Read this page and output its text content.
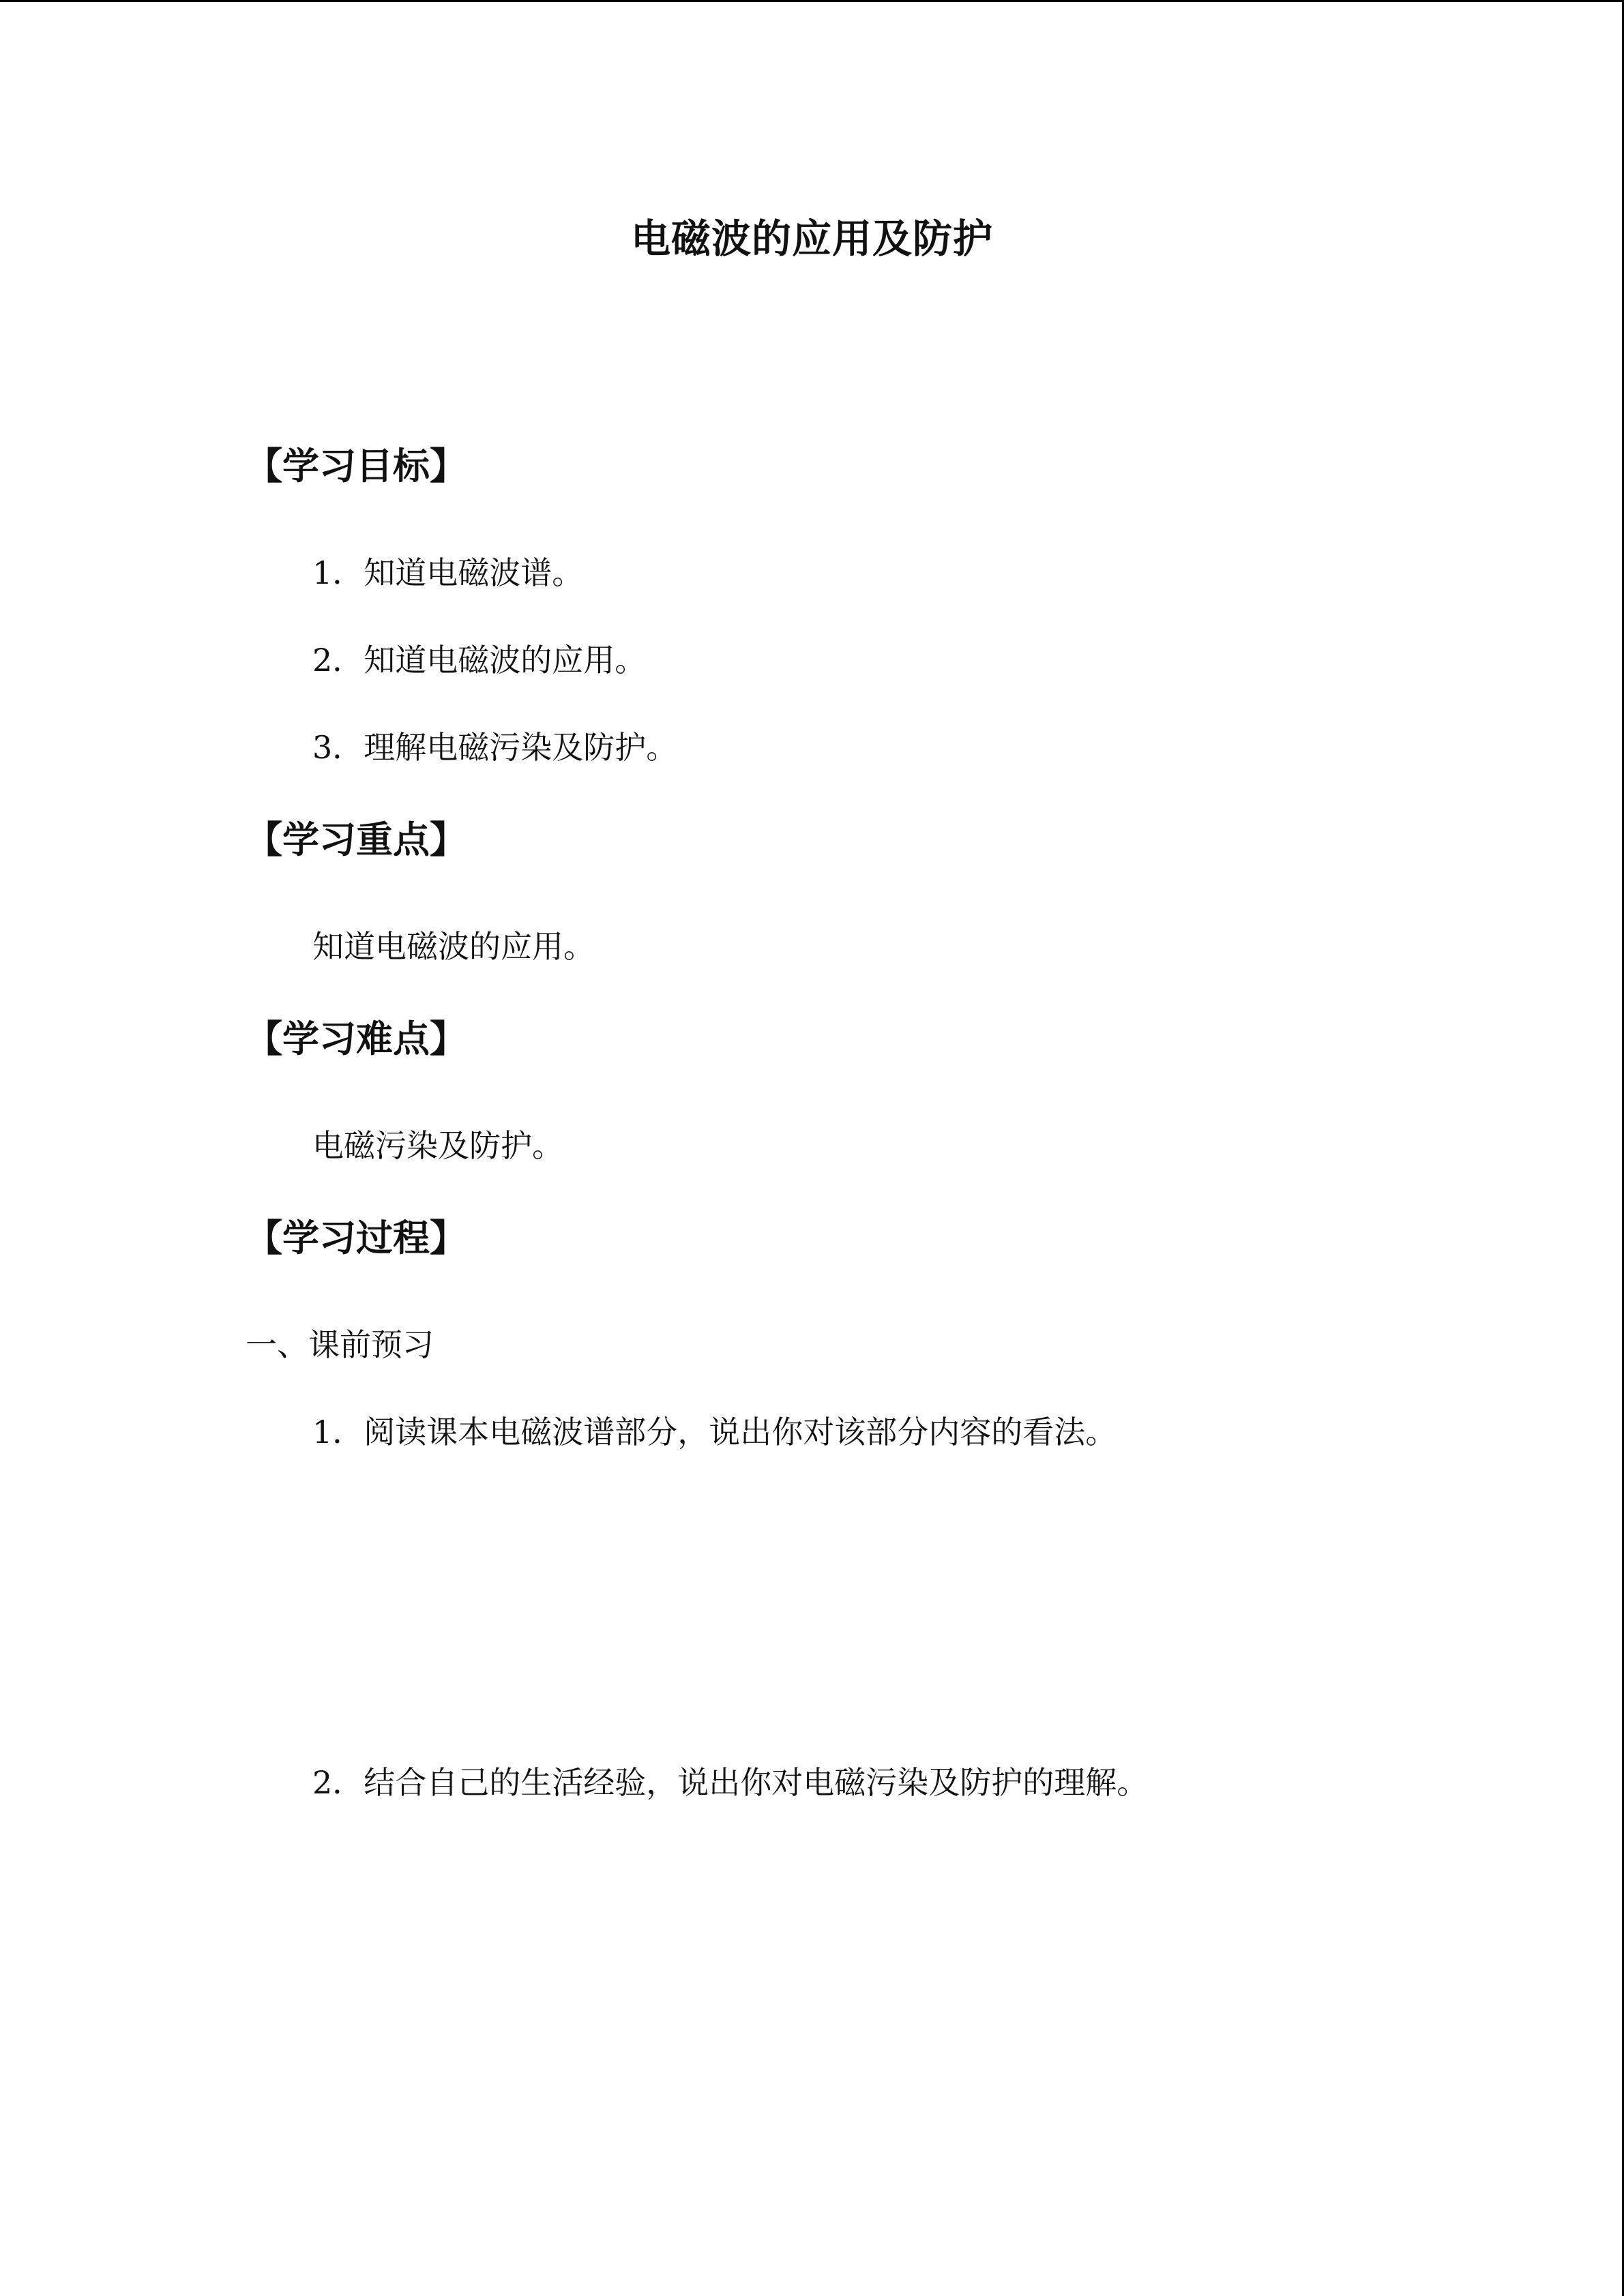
电磁波的应用及防护
【学习目标】
1．知道电磁波谱。
2．知道电磁波的应用。
3．理解电磁污染及防护。
【学习重点】
知道电磁波的应用。
【学习难点】
电磁污染及防护。
【学习过程】
一、课前预习
1．阅读课本电磁波谱部分，说出你对该部分内容的看法。
2．结合自己的生活经验，说出你对电磁污染及防护的理解。
